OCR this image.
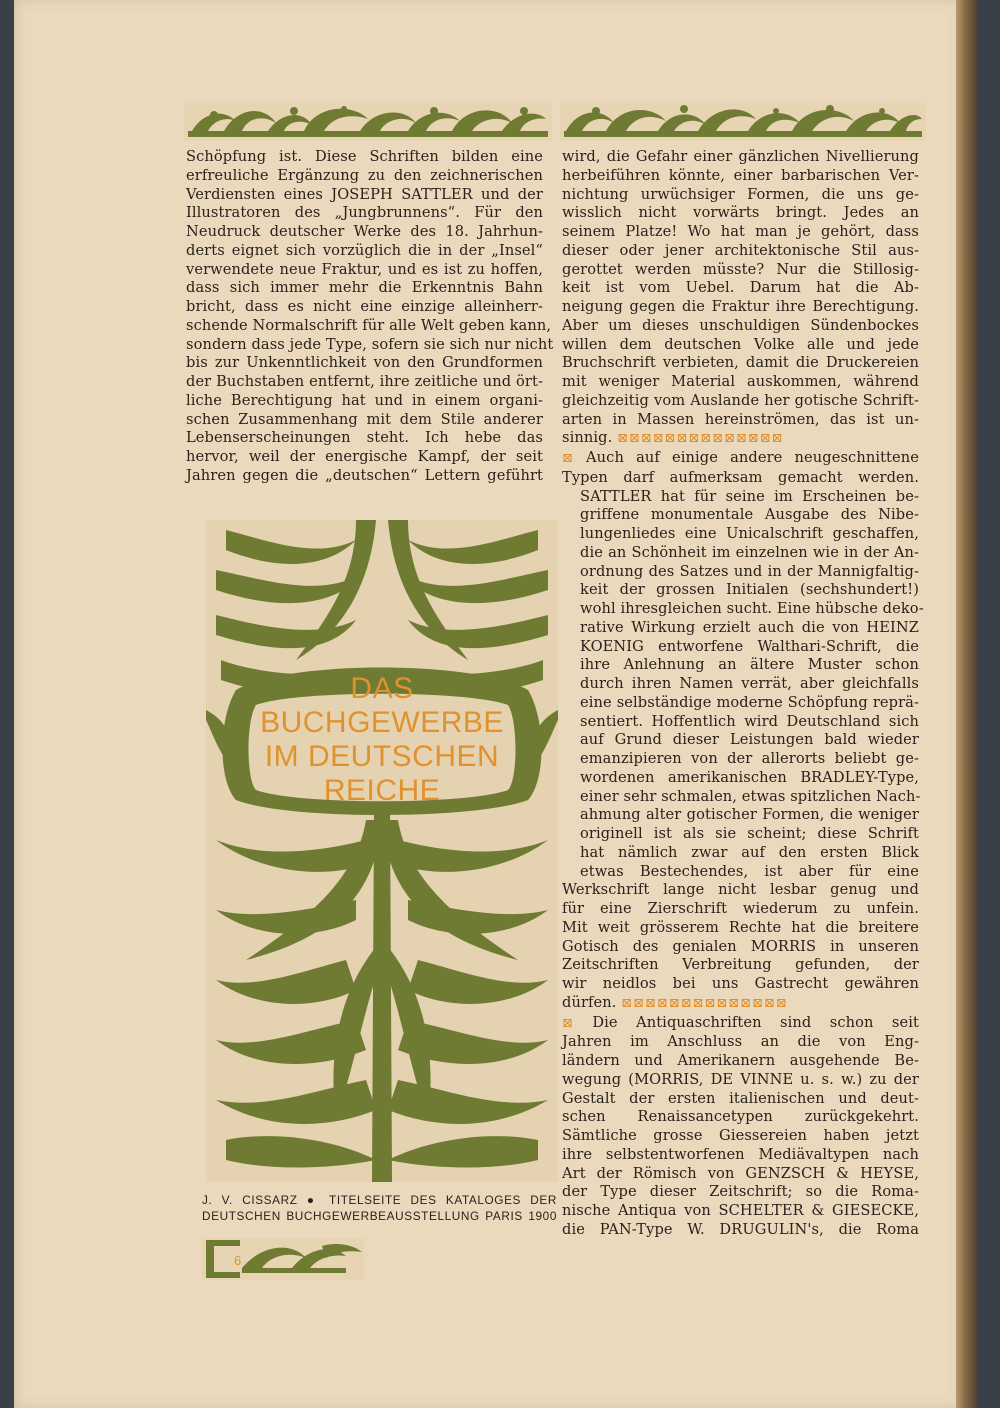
Schöpfung ist. Diese Schriften bilden eine
erfreuliche Ergänzung zu den zeichnerischen
Verdiensten eines JOSEPH SATTLER und der
Illustratoren des „Jungbrunnens“. Für den
Neudruck deutscher Werke des 18. Jahrhun-
derts eignet sich vorzüglich die in der „Insel“
verwendete neue Fraktur, und es ist zu hoffen,
dass sich immer mehr die Erkenntnis Bahn
bricht, dass es nicht eine einzige alleinherr-
schende Normalschrift für alle Welt geben kann,
sondern dass jede Type, sofern sie sich nur nicht
bis zur Unkenntlichkeit von den Grundformen
der Buchstaben entfernt, ihre zeitliche und ört-
liche Berechtigung hat und in einem organi-
schen Zusammenhang mit dem Stile anderer
Lebenserscheinungen steht. Ich hebe das
hervor, weil der energische Kampf, der seit
Jahren gegen die „deutschen“ Lettern geführt
wird, die Gefahr einer gänzlichen Nivellierung
herbeiführen könnte, einer barbarischen Ver-
nichtung urwüchsiger Formen, die uns ge-
wisslich nicht vorwärts bringt. Jedes an
seinem Platze! Wo hat man je gehört, dass
dieser oder jener architektonische Stil aus-
gerottet werden müsste? Nur die Stillosig-
keit ist vom Uebel. Darum hat die Ab-
neigung gegen die Fraktur ihre Berechtigung.
Aber um dieses unschuldigen Sündenbockes
willen dem deutschen Volke alle und jede
Bruchschrift verbieten, damit die Druckereien
mit weniger Material auskommen, während
gleichzeitig vom Auslande her gotische Schrift-
arten in Massen hereinströmen, das ist un-
sinnig. ⊠⊠⊠⊠⊠⊠⊠⊠⊠⊠⊠⊠⊠⊠
⊠ Auch auf einige andere neugeschnittene
Typen darf aufmerksam gemacht werden.
SATTLER hat für seine im Erscheinen be-
griffene monumentale Ausgabe des Nibe-
lungenliedes eine Unicalschrift geschaffen,
die an Schönheit im einzelnen wie in der An-
ordnung des Satzes und in der Mannigfaltig-
keit der grossen Initialen (sechshundert!)
wohl ihresgleichen sucht. Eine hübsche deko-
rative Wirkung erzielt auch die von HEINZ
KOENIG entworfene Walthari-Schrift, die
ihre Anlehnung an ältere Muster schon
durch ihren Namen verrät, aber gleichfalls
eine selbständige moderne Schöpfung reprä-
sentiert. Hoffentlich wird Deutschland sich
auf Grund dieser Leistungen bald wieder
emanzipieren von der allerorts beliebt ge-
wordenen amerikanischen BRADLEY-Type,
einer sehr schmalen, etwas spitzlichen Nach-
ahmung alter gotischer Formen, die weniger
originell ist als sie scheint; diese Schrift
hat nämlich zwar auf den ersten Blick
etwas Bestechendes, ist aber für eine
Werkschrift lange nicht lesbar genug und
für eine Zierschrift wiederum zu unfein.
Mit weit grösserem Rechte hat die breitere
Gotisch des genialen MORRIS in unseren
Zeitschriften Verbreitung gefunden, der
wir neidlos bei uns Gastrecht gewähren
dürfen. ⊠⊠⊠⊠⊠⊠⊠⊠⊠⊠⊠⊠⊠⊠
⊠ Die Antiquaschriften sind schon seit
Jahren im Anschluss an die von Eng-
ländern und Amerikanern ausgehende Be-
wegung (MORRIS, DE VINNE u. s. w.) zu der
Gestalt der ersten italienischen und deut-
schen Renaissancetypen zurückgekehrt.
Sämtliche grosse Giessereien haben jetzt
ihre selbstentworfenen Mediävaltypen nach
Art der Römisch von GENZSCH & HEYSE,
der Type dieser Zeitschrift; so die Roma-
nische Antiqua von SCHELTER & GIESECKE,
die PAN-Type W. DRUGULIN's, die Roma
DAS
BUCHGEWERBE
IM DEUTSCHEN
REICHE
J. V. CISSARZ ● TITELSEITE DES KATALOGES DER
DEUTSCHEN BUCHGEWERBEAUSSTELLUNG PARIS 1900
6
